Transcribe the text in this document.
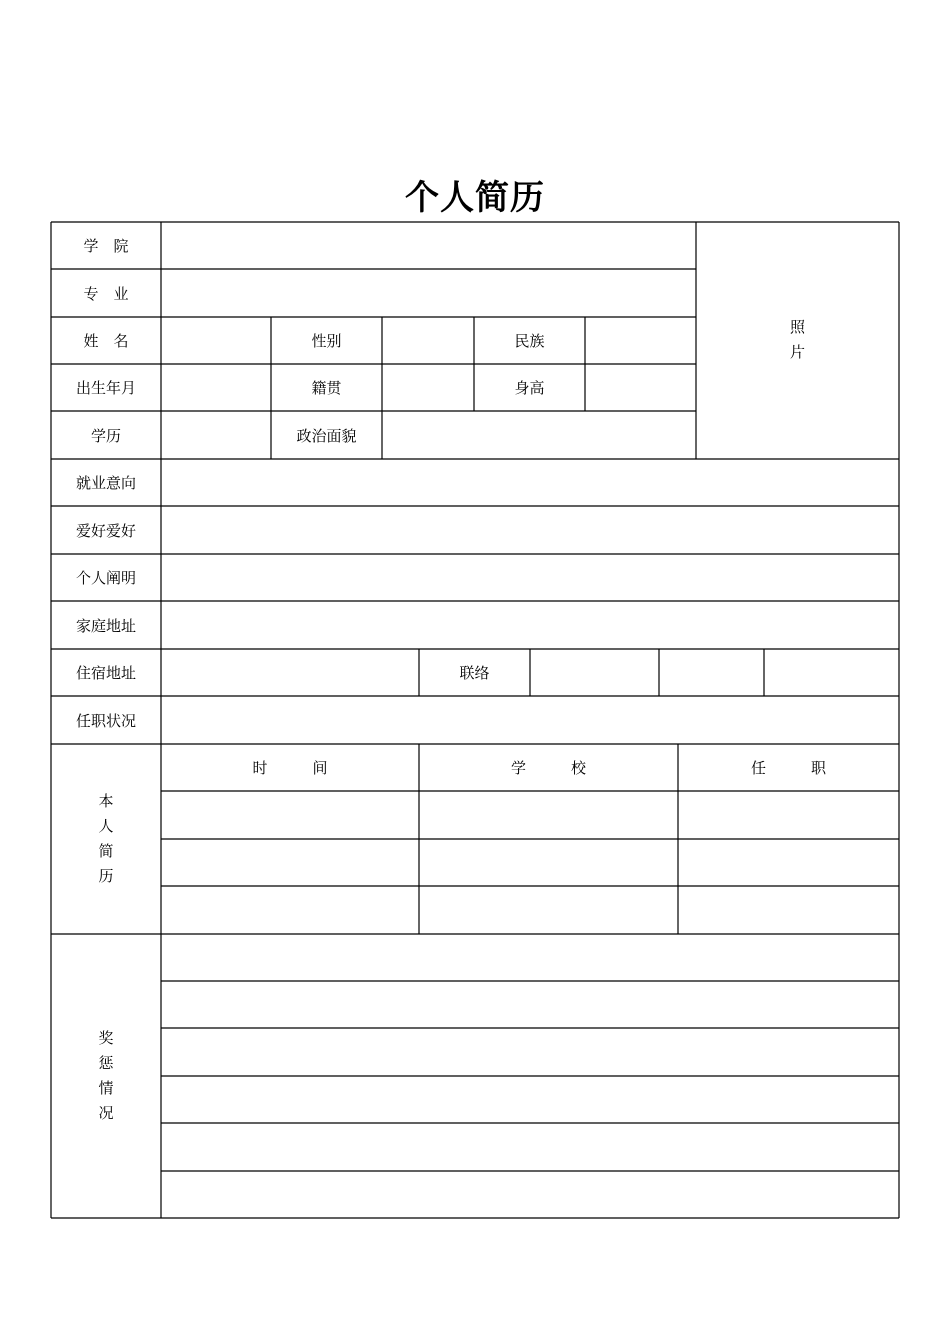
个人简历
学　院
专　业
姓　名	性别	民族
出生年月	籍贯	身高
学历	政治面貌
照
片
就业意向
爱好爱好
个人阐明
家庭地址
住宿地址	联络
任职状况
本
人
简
历
时　　　间	学　　　校	任　　　职
奖
惩
情
况
